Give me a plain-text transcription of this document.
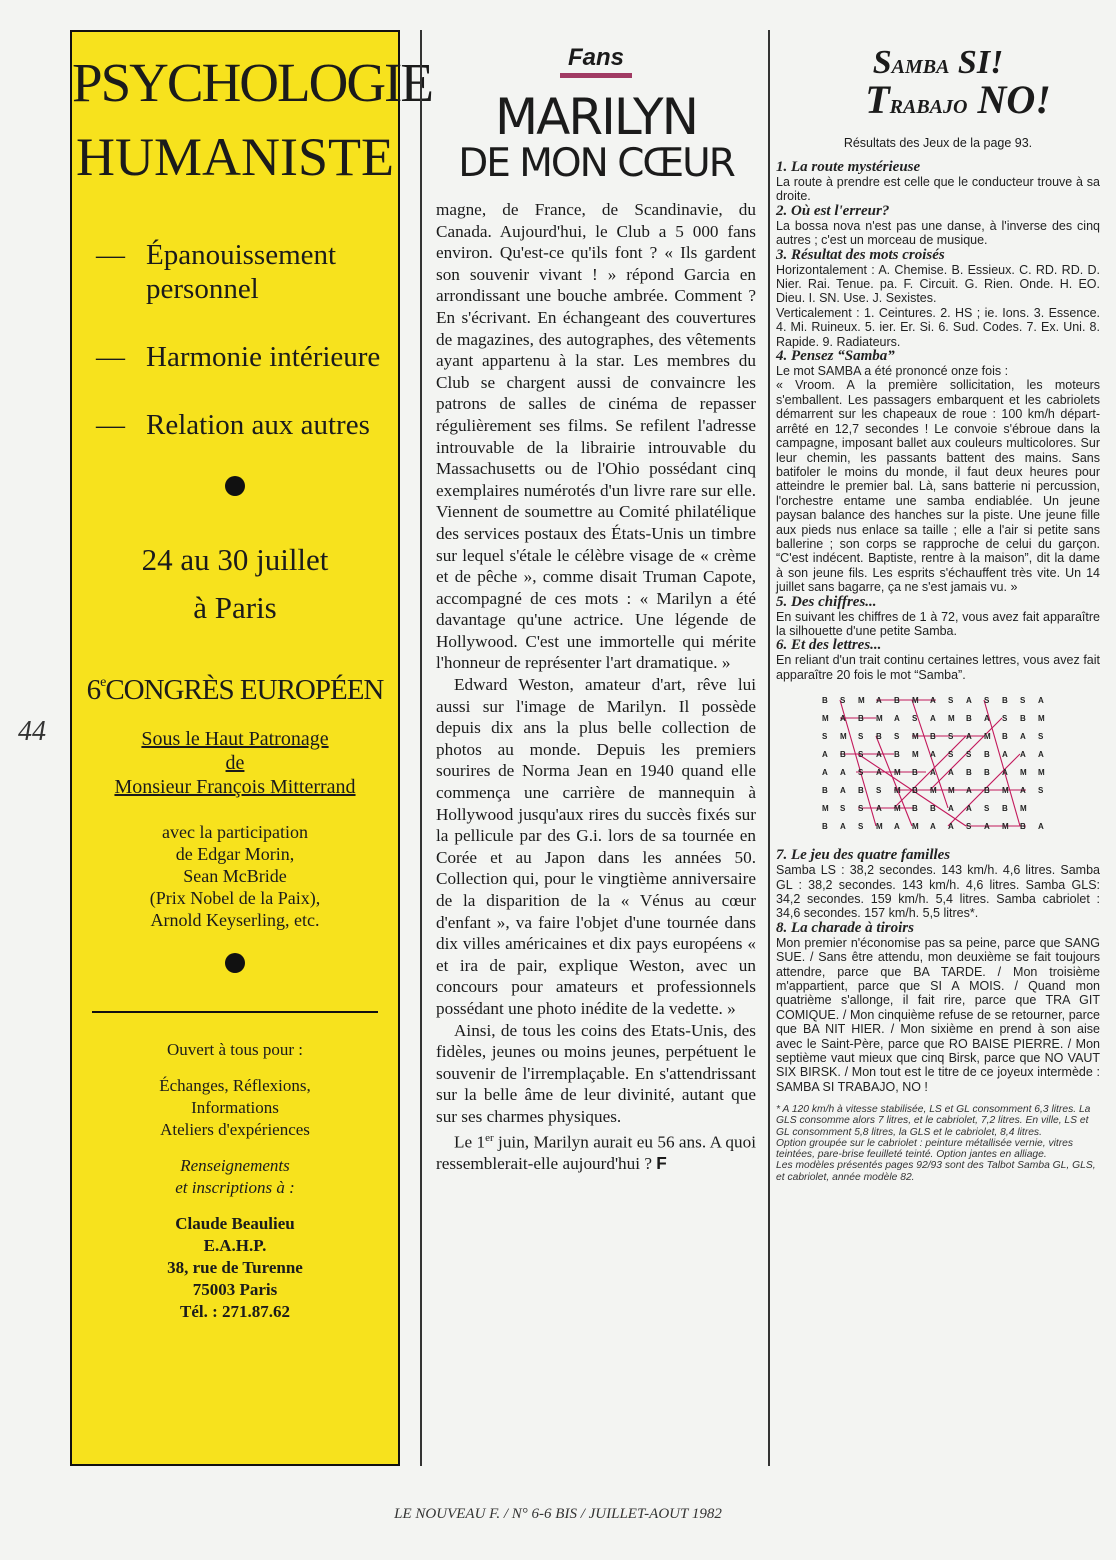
44
PSYCHOLOGIE
HUMANISTE
— Épanouissement personnel
— Harmonie intérieure
— Relation aux autres
24 au 30 juillet
à Paris
6eCONGRÈS EUROPÉEN
Sous le Haut Patronage
de
Monsieur François Mitterrand
avec la participation
de Edgar Morin,
Sean McBride
(Prix Nobel de la Paix),
Arnold Keyserling, etc.

Ouvert à tous pour :

Échanges, Réflexions,
Informations
Ateliers d'expériences

Renseignements
et inscriptions à :

Claude Beaulieu
E.A.H.P.
38, rue de Turenne
75003 Paris
Tél. : 271.87.62

Fans
MARILYN
DE MON CŒUR

magne, de France, de Scandinavie, du Canada. Aujourd'hui, le Club a 5 000 fans environ. Qu'est-ce qu'ils font ? « Ils gardent son souvenir vivant ! » répond Garcia en arrondissant une bouche ambrée. Comment ? En s'écrivant. En échangeant des couvertures de magazines, des autographes, des vêtements ayant appartenu à la star. Les membres du Club se chargent aussi de convaincre les patrons de salles de cinéma de repasser régulièrement ses films. Se refilent l'adresse introuvable de la librairie introuvable du Massachusetts ou de l'Ohio possédant cinq exemplaires numérotés d'un livre rare sur elle. Viennent de soumettre au Comité philatélique des services postaux des États-Unis un timbre sur lequel s'étale le célèbre visage de « crème et de pêche », comme disait Truman Capote, accompagné de ces mots : « Marilyn a été davantage qu'une actrice. Une légende de Hollywood. C'est une immortelle qui mérite l'honneur de représenter l'art dramatique. »

Edward Weston, amateur d'art, rêve lui aussi sur l'image de Marilyn. Il possède depuis dix ans la plus belle collection de photos au monde. Depuis les premiers sourires de Norma Jean en 1940 quand elle commença une carrière de mannequin à Hollywood jusqu'aux rires du succès fixés sur la pellicule par des G.i. lors de sa tournée en Corée et au Japon dans les années 50. Collection qui, pour le vingtième anniversaire de la disparition de la « Vénus au cœur d'enfant », va faire l'objet d'une tournée dans dix villes américaines et dix pays européens « et ira de pair, explique Weston, avec un concours pour amateurs et professionnels possédant une photo inédite de la vedette. »

Ainsi, de tous les coins des Etats-Unis, des fidèles, jeunes ou moins jeunes, perpétuent le souvenir de l'irremplaçable. En s'attendrissant sur la belle âme de leur divinité, autant que sur ses charmes physiques.

Le 1er juin, Marilyn aurait eu 56 ans. A quoi ressemblerait-elle aujourd'hui ? F

SAMBA SI!
TRABAJO NO!
Résultats des Jeux de la page 93.
1. La route mystérieuse

La route à prendre est celle que le conducteur trouve à sa droite.

2. Où est l'erreur?

La bossa nova n'est pas une danse, à l'inverse des cinq autres ; c'est un morceau de musique.

3. Résultat des mots croisés

Horizontalement : A. Chemise. B. Essieux. C. RD. RD. D. Nier. Rai. Tenue. pa. F. Circuit. G. Rien. Onde. H. EO. Dieu. I. SN. Use. J. Sexistes.

Verticalement : 1. Ceintures. 2. HS ; ie. Ions. 3. Essence. 4. Mi. Ruineux. 5. ier. Er. Si. 6. Sud. Codes. 7. Ex. Uni. 8. Rapide. 9. Radiateurs.

4. Pensez “Samba”

Le mot SAMBA a été prononcé onze fois :

« Vroom. A la première sollicitation, les moteurs s'emballent. Les passagers embarquent et les cabriolets démarrent sur les chapeaux de roue : 100 km/h départ-arrêté en 12,7 secondes ! Le convoie s'ébroue dans la campagne, imposant ballet aux couleurs multicolores. Sur leur chemin, les passants battent des mains. Sans batifoler le moins du monde, il faut deux heures pour atteindre le premier bal. Là, sans batterie ni percussion, l'orchestre entame une samba endiablée. Un jeune paysan balance des hanches sur la piste. Une jeune fille aux pieds nus enlace sa taille ; elle a l'air si petite sans ballerine ; son corps se rapproche de celui du garçon. “C'est indécent. Baptiste, rentre à la maison”, dit la dame à son jeune fils. Les esprits s'échauffent très vite. Un 14 juillet sans bagarre, ça ne s'est jamais vu. »

5. Des chiffres...

En suivant les chiffres de 1 à 72, vous avez fait apparaître la silhouette d'une petite Samba.

6. Et des lettres...

En reliant d'un trait continu certaines lettres, vous avez fait apparaître 20 fois le mot “Samba”.

B S M A B M A S A S B S A
M A B M A S A M B A S B M
S M S B S M B S A M B A S
A B S A B M A S S B A A A
A A S A M B A A B B A M M
B A B S M B M M A B M A S
M S S A M B B A A S B M
B A S M A M A A S A M B A
7. Le jeu des quatre familles

Samba LS : 38,2 secondes. 143 km/h. 4,6 litres. Samba GL : 38,2 secondes. 143 km/h. 4,6 litres. Samba GLS: 34,2 secondes. 159 km/h. 5,4 litres. Samba cabriolet : 34,6 secondes. 157 km/h. 5,5 litres*.

8. La charade à tiroirs

Mon premier n'économise pas sa peine, parce que SANG SUE. / Sans être attendu, mon deuxième se fait toujours attendre, parce que BA TARDE. / Mon troisième m'appartient, parce que SI A MOIS. / Quand mon quatrième s'allonge, il fait rire, parce que TRA GIT COMIQUE. / Mon cinquième refuse de se retourner, parce que BA NIT HIER. / Mon sixième en prend à son aise avec le Saint-Père, parce que RO BAISE PIERRE. / Mon septième vaut mieux que cinq Birsk, parce que NO VAUT SIX BIRSK. / Mon tout est le titre de ce joyeux intermède : SAMBA SI TRABAJO, NO !

* A 120 km/h à vitesse stabilisée, LS et GL consomment 6,3 litres. La GLS consomme alors 7 litres, et le cabriolet, 7,2 litres. En ville, LS et GL consomment 5,8 litres, la GLS et le cabriolet, 8,4 litres.

Option groupée sur le cabriolet : peinture métallisée vernie, vitres teintées, pare-brise feuilleté teinté. Option jantes en alliage.

Les modèles présentés pages 92/93 sont des Talbot Samba GL, GLS, et cabriolet, année modèle 82.

LE NOUVEAU F. / N° 6-6 BIS / JUILLET-AOUT 1982
